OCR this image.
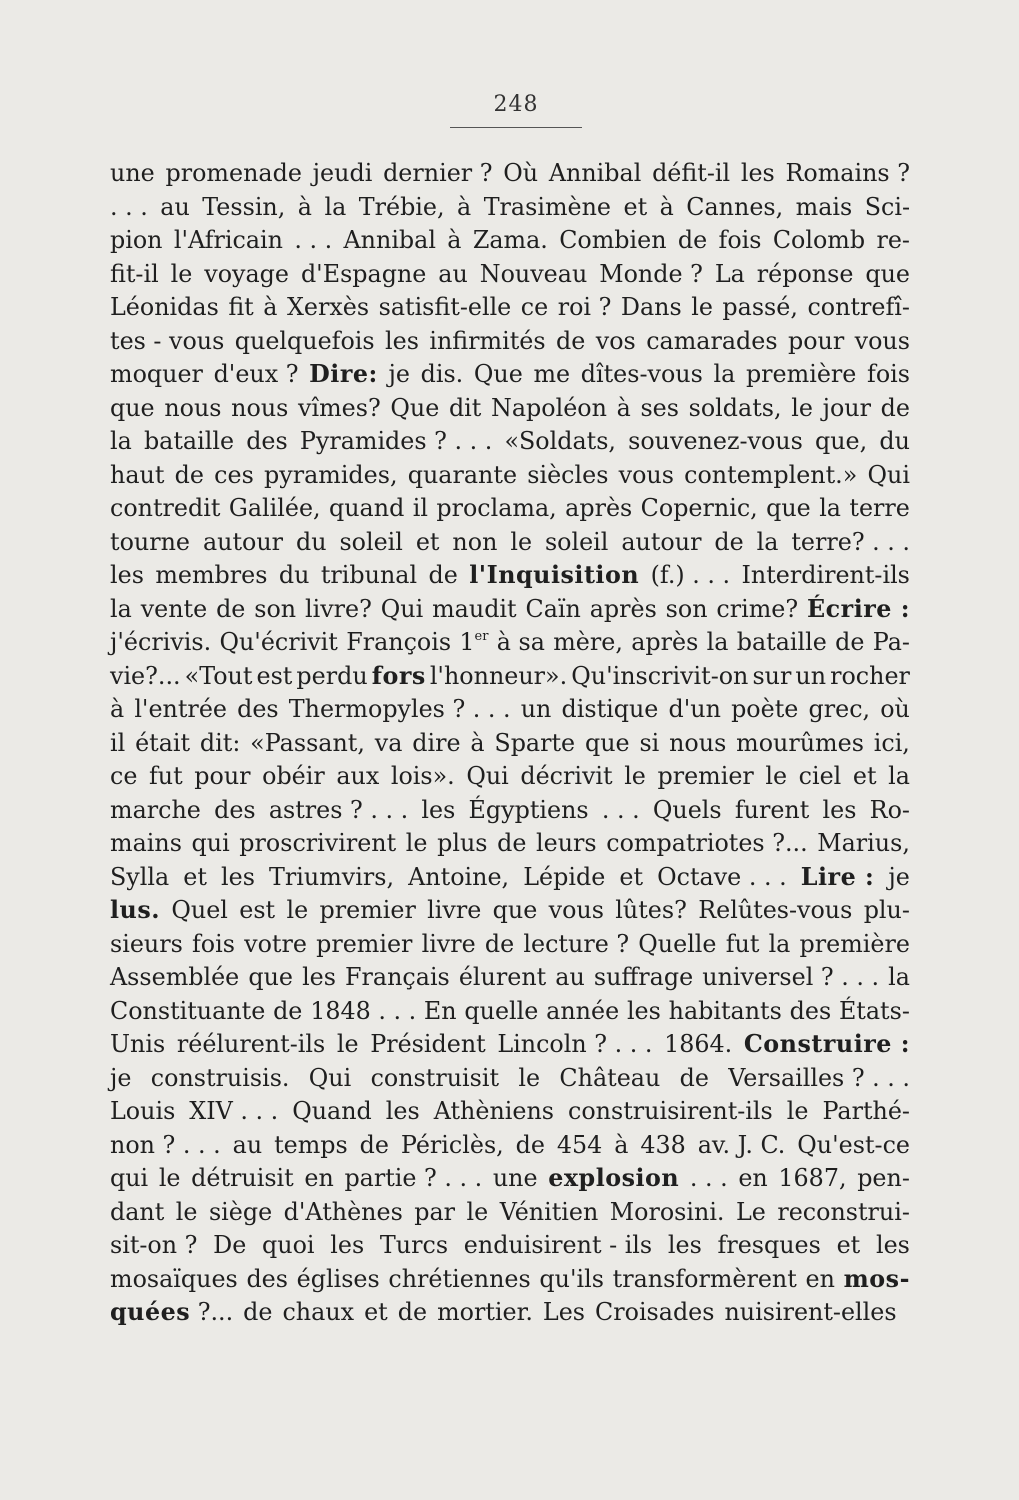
248
une promenade jeudi dernier ? Où Annibal défit-il les Romains ?
. . . au Tessin, à la Trébie, à Trasimène et à Cannes, mais Sci-
pion l'Africain . . . Annibal à Zama. Combien de fois Colomb re-
fit-il le voyage d'Espagne au Nouveau Monde ? La réponse que
Léonidas fit à Xerxès satisfit-elle ce roi ? Dans le passé, contrefî-
tes - vous quelquefois les infirmités de vos camarades pour vous
moquer d'eux ? Dire: je dis. Que me dîtes-vous la première fois
que nous nous vîmes? Que dit Napoléon à ses soldats, le jour de
la bataille des Pyramides ? . . . «Soldats, souvenez-vous que, du
haut de ces pyramides, quarante siècles vous contemplent.» Qui
contredit Galilée, quand il proclama, après Copernic, que la terre
tourne autour du soleil et non le soleil autour de la terre? . . .
les membres du tribunal de l'Inquisition (f.) . . . Interdirent-ils
la vente de son livre? Qui maudit Caïn après son crime? Écrire :
j'écrivis. Qu'écrivit François 1er à sa mère, après la bataille de Pa-
vie?... «Tout est perdu fors l'honneur». Qu'inscrivit-on sur un rocher
à l'entrée des Thermopyles ? . . . un distique d'un poète grec, où
il était dit: «Passant, va dire à Sparte que si nous mourûmes ici,
ce fut pour obéir aux lois». Qui décrivit le premier le ciel et la
marche des astres ? . . . les Égyptiens . . . Quels furent les Ro-
mains qui proscrivirent le plus de leurs compatriotes ?... Marius,
Sylla et les Triumvirs, Antoine, Lépide et Octave . . . Lire : je
lus. Quel est le premier livre que vous lûtes? Relûtes-vous plu-
sieurs fois votre premier livre de lecture ? Quelle fut la première
Assemblée que les Français élurent au suffrage universel ? . . . la
Constituante de 1848 . . . En quelle année les habitants des États-
Unis réélurent-ils le Président Lincoln ? . . . 1864. Construire :
je construisis. Qui construisit le Château de Versailles ? . . .
Louis XIV . . . Quand les Athèniens construisirent-ils le Parthé-
non ? . . . au temps de Périclès, de 454 à 438 av. J. C. Qu'est-ce
qui le détruisit en partie ? . . . une explosion . . . en 1687, pen-
dant le siège d'Athènes par le Vénitien Morosini. Le reconstrui-
sit-on ? De quoi les Turcs enduisirent - ils les fresques et les
mosaïques des églises chrétiennes qu'ils transformèrent en mos-
quées ?... de chaux et de mortier. Les Croisades nuisirent-elles
